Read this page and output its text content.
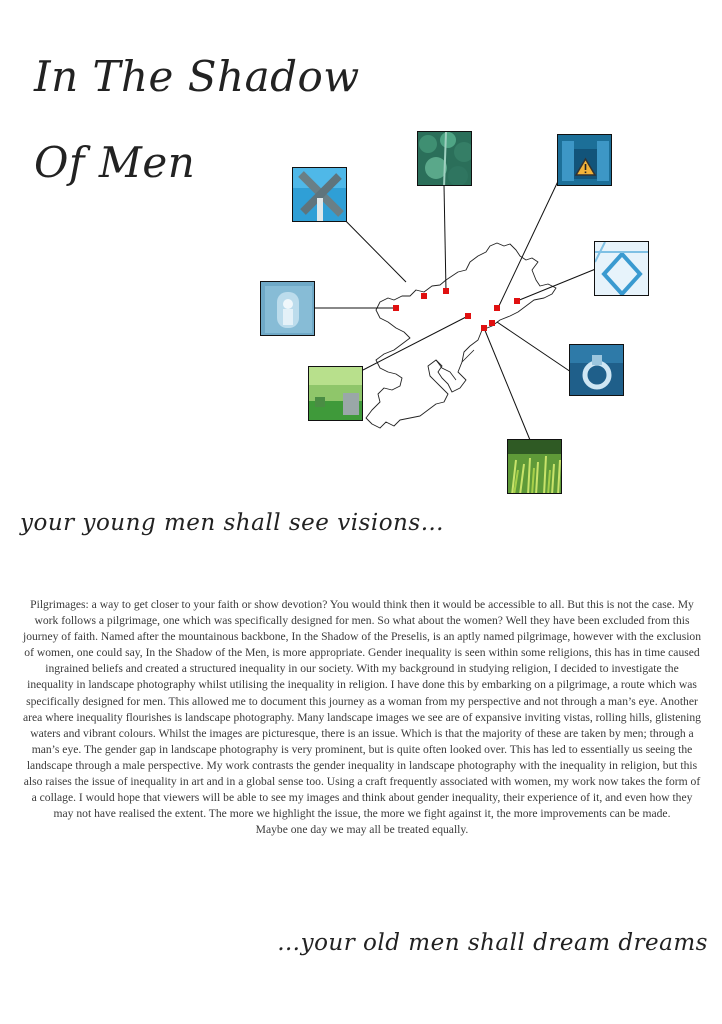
In The Shadow
Of Men
your young men shall see visions…

Pilgrimages: a way to get closer to your faith or show devotion? You would think then it would be accessible to all. But this is not the case. My work follows a pilgrimage, one which was specifically designed for men. So what about the women? Well they have been excluded from this journey of faith. Named after the mountainous backbone, In the Shadow of the Preselis, is an aptly named pilgrimage, however with the exclusion of women, one could say, In the Shadow of the Men, is more appropriate. Gender inequality is seen within some religions, this has in time caused ingrained beliefs and created a structured inequality in our society. With my background in studying religion, I decided to investigate the inequality in landscape photography whilst utilising the inequality in religion. I have done this by embarking on a pilgrimage, a route which was specifically designed for men. This allowed me to document this journey as a woman from my perspective and not through a man’s eye. Another area where inequality flourishes is landscape photography. Many landscape images we see are of expansive inviting vistas, rolling hills, glistening waters and vibrant colours. Whilst the images are picturesque, there is an issue. Which is that the majority of these are taken by men; through a man’s eye. The gender gap in landscape photography is very prominent, but is quite often looked over. This has led to essentially us seeing the landscape through a male perspective. My work contrasts the gender inequality in landscape photography with the inequality in religion, but this also raises the issue of inequality in art and in a global sense too. Using a craft frequently associated with women, my work now takes the form of a collage. I would hope that viewers will be able to see my images and think about gender inequality, their experience of it, and even how they may not have realised the extent. The more we highlight the issue, the more we fight against it, the more improvements can be made.

Maybe one day we may all be treated equally.

…your old men shall dream dreams
